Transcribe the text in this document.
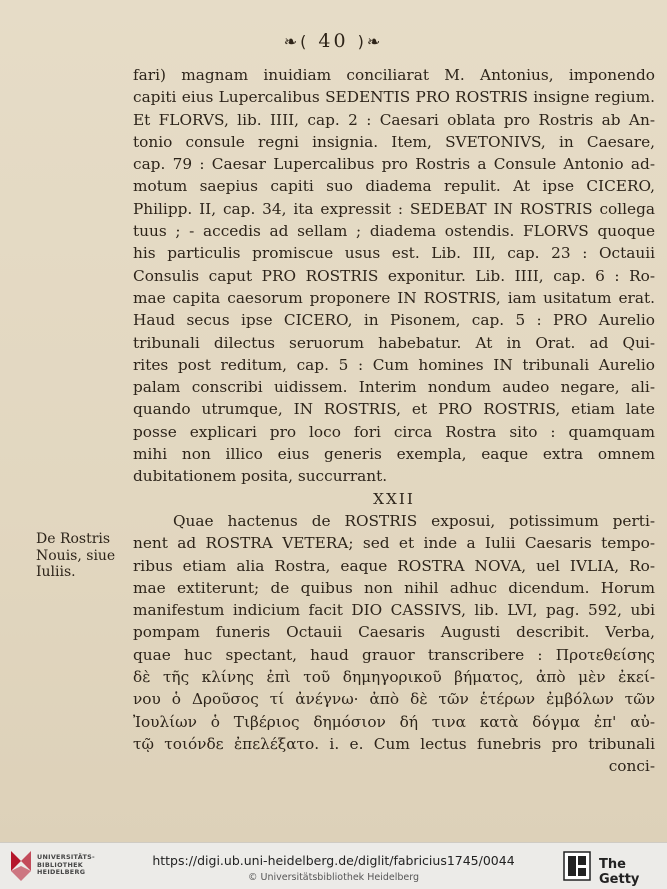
❧( 40 )❧
fari) magnam inuidiam conciliarat M. Antonius, imponendo
capiti eius Lupercalibus SEDENTIS PRO ROSTRIS insigne regium.
Et FLORVS, lib. IIII, cap. 2 : Caesari oblata pro Rostris ab An-
tonio consule regni insignia. Item, SVETONIVS, in Caesare,
cap. 79 : Caesar Lupercalibus pro Rostris a Consule Antonio ad-
motum saepius capiti suo diadema repulit. At ipse CICERO,
Philipp. II, cap. 34, ita expressit : SEDEBAT IN ROSTRIS collega
tuus ; - accedis ad sellam ; diadema ostendis. FLORVS quoque
his particulis promiscue usus est. Lib. III, cap. 23 : Octauii
Consulis caput PRO ROSTRIS exponitur. Lib. IIII, cap. 6 : Ro-
mae capita caesorum proponere IN ROSTRIS, iam usitatum erat.
Haud secus ipse CICERO, in Pisonem, cap. 5 : PRO Aurelio
tribunali dilectus seruorum habebatur. At in Orat. ad Qui-
rites post reditum, cap. 5 : Cum homines IN tribunali Aurelio
palam conscribi uidissem. Interim nondum audeo negare, ali-
quando utrumque, IN ROSTRIS, et PRO ROSTRIS, etiam late
posse explicari pro loco fori circa Rostra sito : quamquam
mihi non illico eius generis exempla, eaque extra omnem
dubitationem posita, succurrant.
XXII
Quae hactenus de ROSTRIS exposui, potissimum perti-
nent ad ROSTRA VETERA; sed et inde a Iulii Caesaris tempo-
ribus etiam alia Rostra, eaque ROSTRA NOVA, uel IVLIA, Ro-
mae extiterunt; de quibus non nihil adhuc dicendum. Horum
manifestum indicium facit DIO CASSIVS, lib. LVI, pag. 592, ubi
pompam funeris Octauii Caesaris Augusti describit. Verba,
quae huc spectant, haud grauor transcribere : Προτεθείσης
δὲ τῆς κλίνης ἐπὶ τοῦ δημηγορικοῦ βήματος, ἀπὸ μὲν ἐκεί-
νου ὁ Δροῦσος τί ἀνέγνω· ἀπὸ δὲ τῶν ἑτέρων ἐμβόλων τῶν
Ἰουλίων ὁ Τιβέριος δημόσιον δή τινα κατὰ δόγμα ἐπ' αὐ-
τῷ τοιόνδε ἐπελέξατο. i. e. Cum lectus funebris pro tribunali
conci-
De Rostris
Nouis, siue
Iuliis.
UNIVERSITÄTS-
BIBLIOTHEK
HEIDELBERG
https://digi.ub.uni-heidelberg.de/diglit/fabricius1745/0044
© Universitätsbibliothek Heidelberg
The Getty
